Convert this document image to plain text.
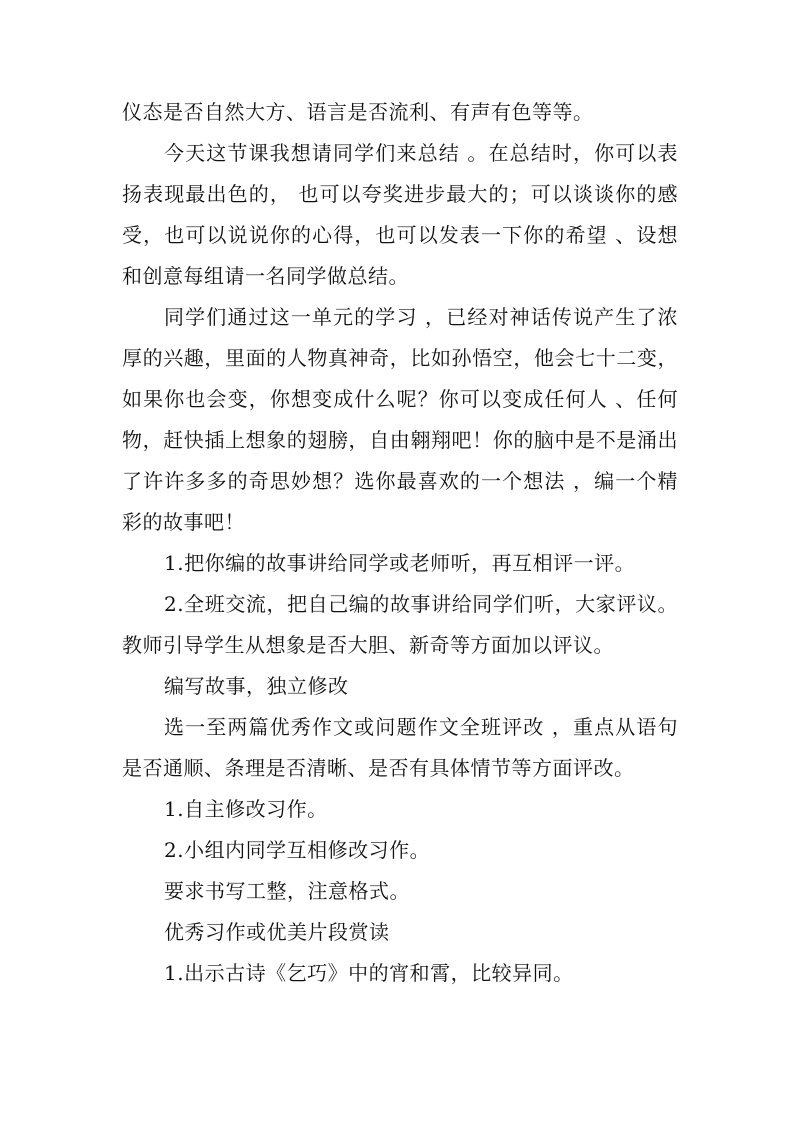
仪态是否自然大方、语言是否流利、有声有色等等。

今天这节课我想请同学们来总结 。在总结时，你可以表扬表现最出色的， 也可以夸奖进步最大的；可以谈谈你的感受，也可以说说你的心得，也可以发表一下你的希望 、设想和创意每组请一名同学做总结。

同学们通过这一单元的学习 ，已经对神话传说产生了浓厚的兴趣，里面的人物真神奇，比如孙悟空，他会七十二变，如果你也会变，你想变成什么呢？你可以变成任何人 、任何物，赶快插上想象的翅膀，自由翱翔吧！你的脑中是不是涌出了许许多多的奇思妙想？选你最喜欢的一个想法 ，编一个精彩的故事吧！

1.把你编的故事讲给同学或老师听，再互相评一评。

2.全班交流，把自己编的故事讲给同学们听，大家评议。教师引导学生从想象是否大胆、新奇等方面加以评议。

编写故事，独立修改

选一至两篇优秀作文或问题作文全班评改 ，重点从语句是否通顺、条理是否清晰、是否有具体情节等方面评改。

1.自主修改习作。

2.小组内同学互相修改习作。

要求书写工整，注意格式。

优秀习作或优美片段赏读

1.出示古诗《乞巧》中的宵和霄，比较异同。
